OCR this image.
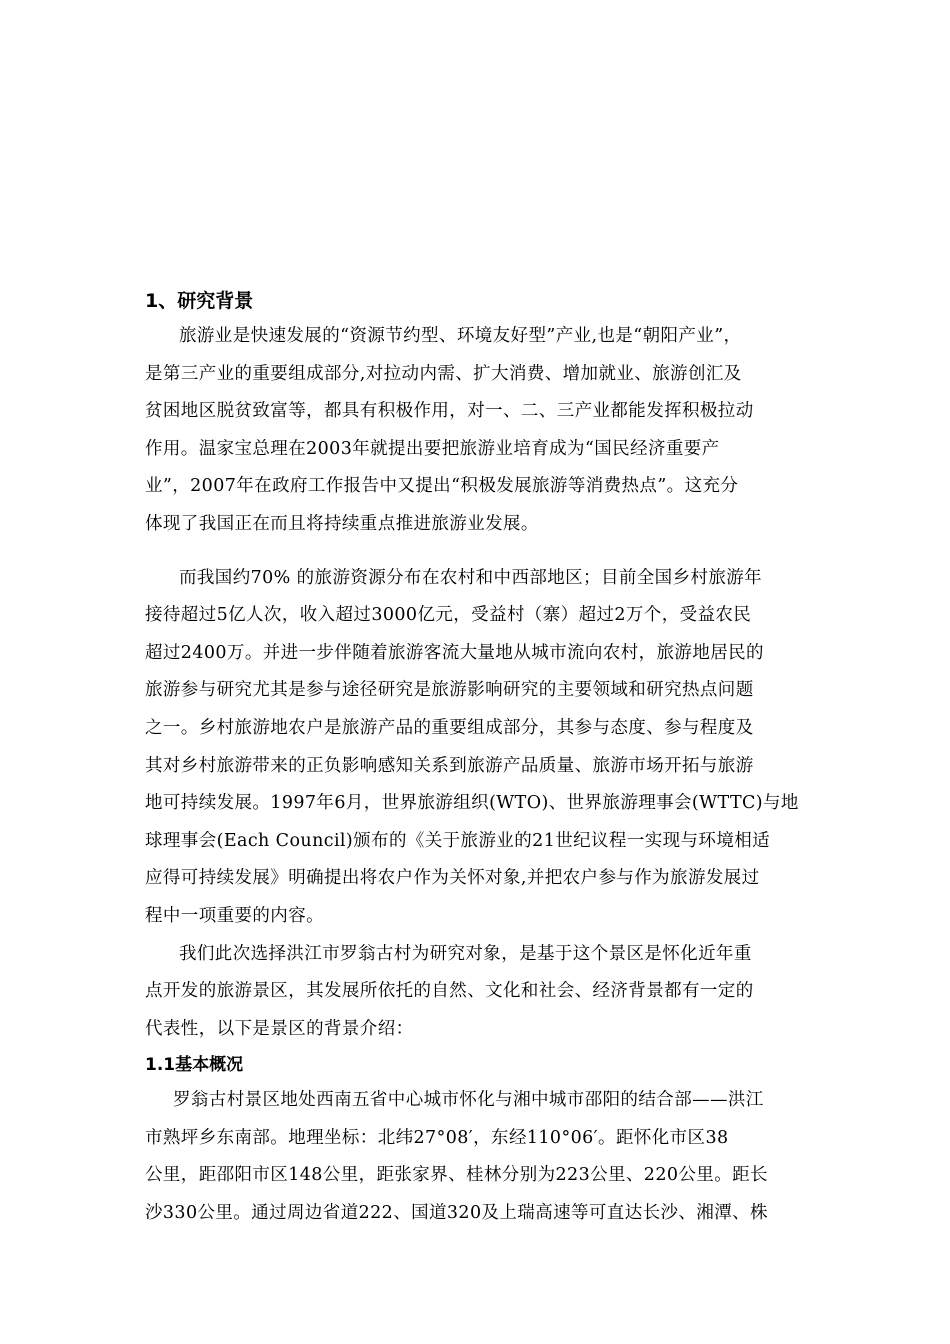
1、研究背景
旅游业是快速发展的“资源节约型、环境友好型”产业,也是“朝阳产业”，
是第三产业的重要组成部分,对拉动内需、扩大消费、增加就业、旅游创汇及
贫困地区脱贫致富等，都具有积极作用，对一、二、三产业都能发挥积极拉动
作用。温家宝总理在2003年就提出要把旅游业培育成为“国民经济重要产
业”，2007年在政府工作报告中又提出“积极发展旅游等消费热点”。这充分
体现了我国正在而且将持续重点推进旅游业发展。
而我国约70% 的旅游资源分布在农村和中西部地区；目前全国乡村旅游年
接待超过5亿人次，收入超过3000亿元，受益村（寨）超过2万个，受益农民
超过2400万。并进一步伴随着旅游客流大量地从城市流向农村，旅游地居民的
旅游参与研究尤其是参与途径研究是旅游影响研究的主要领域和研究热点问题
之一。乡村旅游地农户是旅游产品的重要组成部分，其参与态度、参与程度及
其对乡村旅游带来的正负影响感知关系到旅游产品质量、旅游市场开拓与旅游
地可持续发展。1997年6月，世界旅游组织(WTO)、世界旅游理事会(WTTC)与地
球理事会(Each Council)颁布的《关于旅游业的21世纪议程一实现与环境相适
应得可持续发展》明确提出将农户作为关怀对象,并把农户参与作为旅游发展过
程中一项重要的内容。
我们此次选择洪江市罗翁古村为研究对象，是基于这个景区是怀化近年重
点开发的旅游景区，其发展所依托的自然、文化和社会、经济背景都有一定的
代表性，以下是景区的背景介绍：
1.1基本概况
罗翁古村景区地处西南五省中心城市怀化与湘中城市邵阳的结合部——洪江
市熟坪乡东南部。地理坐标：北纬27°08′，东经110°06′。距怀化市区38
公里，距邵阳市区148公里，距张家界、桂林分别为223公里、220公里。距长
沙330公里。通过周边省道222、国道320及上瑞高速等可直达长沙、湘潭、株
